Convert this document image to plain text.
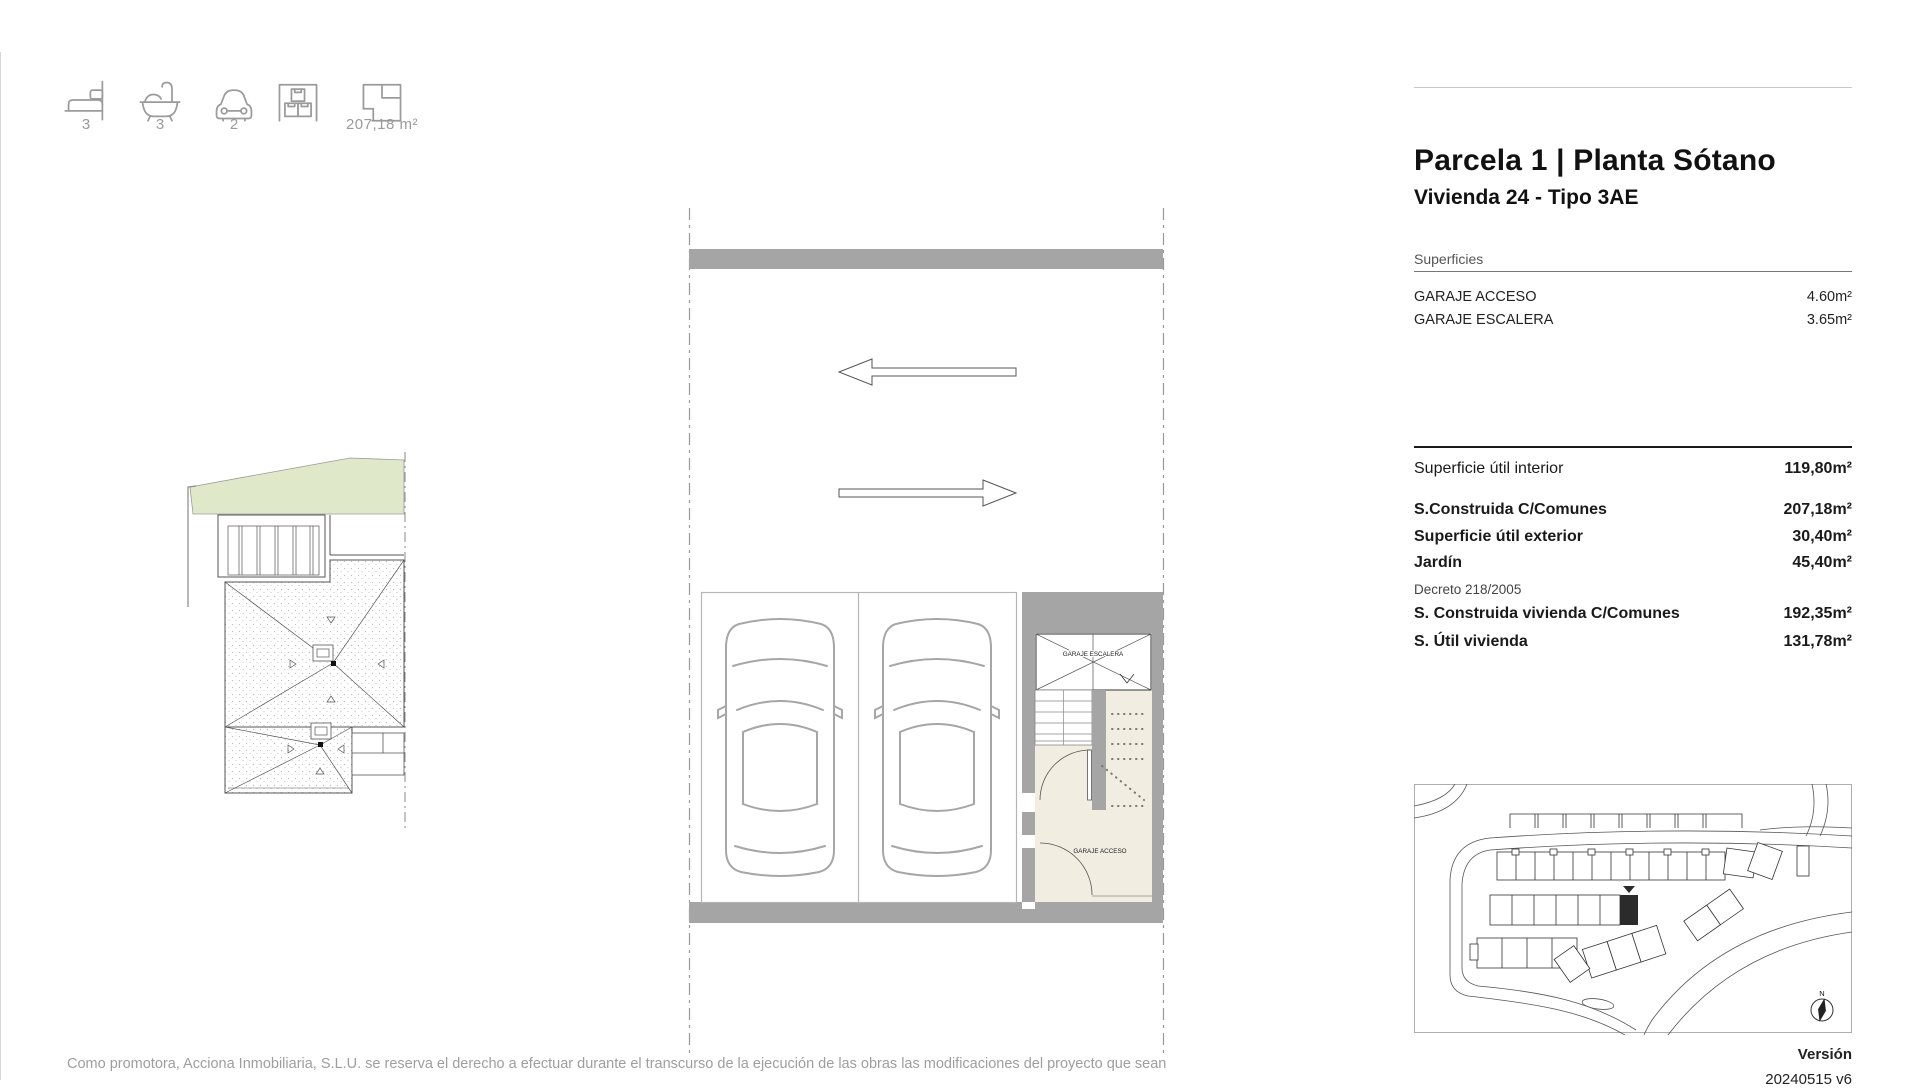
3	3	2	207,18 m²
GARAJE ESCALERA
GARAJE ACCESO
Parcela 1 | Planta Sótano
Vivienda 24 - Tipo 3AE
Superficies
GARAJE ACCESO	4.60m²
GARAJE ESCALERA	3.65m²
Superficie útil interior	119,80m²
S.Construida C/Comunes	207,18m²
Superficie útil exterior	30,40m²
Jardín	45,40m²
Decreto 218/2005
S. Construida vivienda C/Comunes	192,35m²
S. Útil vivienda	131,78m²
N
Versión
20240515 v6
Como promotora, Acciona Inmobiliaria, S.L.U. se reserva el derecho a efectuar durante el transcurso de la ejecución de las obras las modificaciones del proyecto que sean
